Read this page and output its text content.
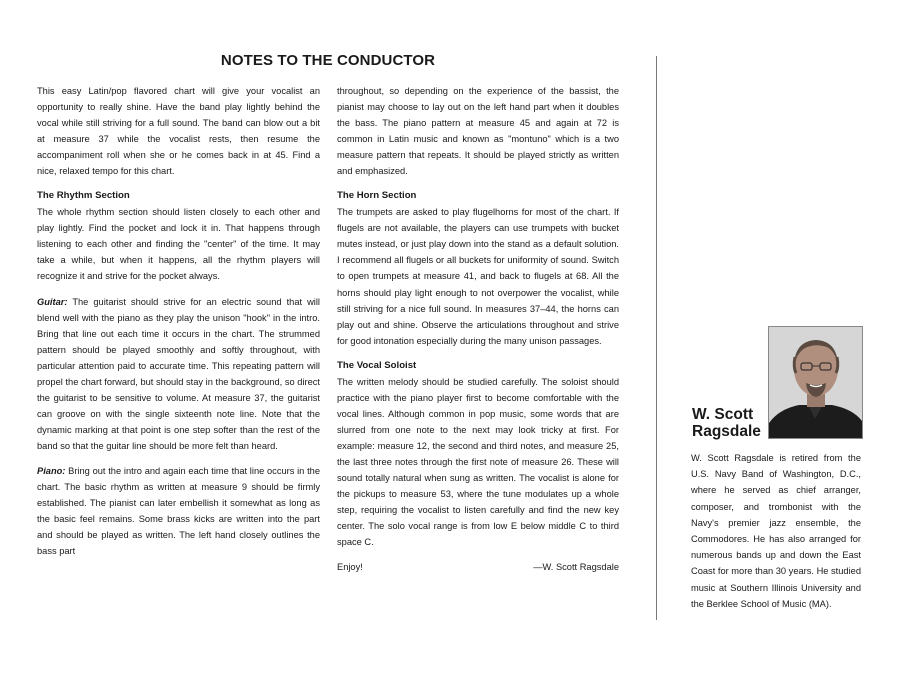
NOTES TO THE CONDUCTOR

This easy Latin/pop flavored chart will give your vocalist an opportunity to really shine. Have the band play lightly behind the vocal while still striving for a full sound. The band can blow out a bit at measure 37 while the vocalist rests, then resume the accompaniment roll when she or he comes back in at 45. Find a nice, relaxed tempo for this chart.

The Rhythm Section
The whole rhythm section should listen closely to each other and play lightly. Find the pocket and lock it in. That happens through listening to each other and finding the "center" of the time. It may take a while, but when it happens, all the rhythm players will recognize it and strive for the pocket always.

Guitar: The guitarist should strive for an electric sound that will blend well with the piano as they play the unison "hook" in the intro. Bring that line out each time it occurs in the chart. The strummed pattern should be played smoothly and softly throughout, with particular attention paid to accurate time. This repeating pattern will propel the chart forward, but should stay in the background, so direct the guitarist to be sensitive to volume. At measure 37, the guitarist can groove on with the single sixteenth note line. Note that the dynamic marking at that point is one step softer than the rest of the band so that the guitar line should be more felt than heard.

Piano: Bring out the intro and again each time that line occurs in the chart. The basic rhythm as written at measure 9 should be firmly established. The pianist can later embellish it somewhat as long as the basic feel remains. Some brass kicks are written into the part and should be played as written. The left hand closely outlines the bass part

throughout, so depending on the experience of the bassist, the pianist may choose to lay out on the left hand part when it doubles the bass. The piano pattern at measure 45 and again at 72 is common in Latin music and known as "montuno" which is a two measure pattern that repeats. It should be played strictly as written and emphasized.

The Horn Section
The trumpets are asked to play flugelhorns for most of the chart. If flugels are not available, the players can use trumpets with bucket mutes instead, or just play down into the stand as a default solution. I recommend all flugels or all buckets for uniformity of sound. Switch to open trumpets at measure 41, and back to flugels at 68. All the horns should play light enough to not overpower the vocalist, while still striving for a nice full sound. In measures 37–44, the horns can play out and shine. Observe the articulations throughout and strive for good intonation especially during the many unison passages.
The Vocal Soloist
The written melody should be studied carefully. The soloist should practice with the piano player first to become comfortable with the vocal lines. Although common in pop music, some words that are slurred from one note to the next may look tricky at first. For example: measure 12, the second and third notes, and measure 25, the last three notes through the first note of measure 26. These will sound totally natural when sung as written. The vocalist is alone for the pickups to measure 53, where the tune modulates up a whole step, requiring the vocalist to listen carefully and find the new key center. The solo vocal range is from low E below middle C to third space C.
Enjoy!	—W. Scott Ragsdale
W. Scott
Ragsdale
W. Scott Ragsdale is retired from the U.S. Navy Band of Washington, D.C., where he served as chief arranger, composer, and trombonist with the Navy's premier jazz ensemble, the Commodores. He has also arranged for numerous bands up and down the East Coast for more than 30 years. He studied music at Southern Illinois University and the Berklee School of Music (MA).
